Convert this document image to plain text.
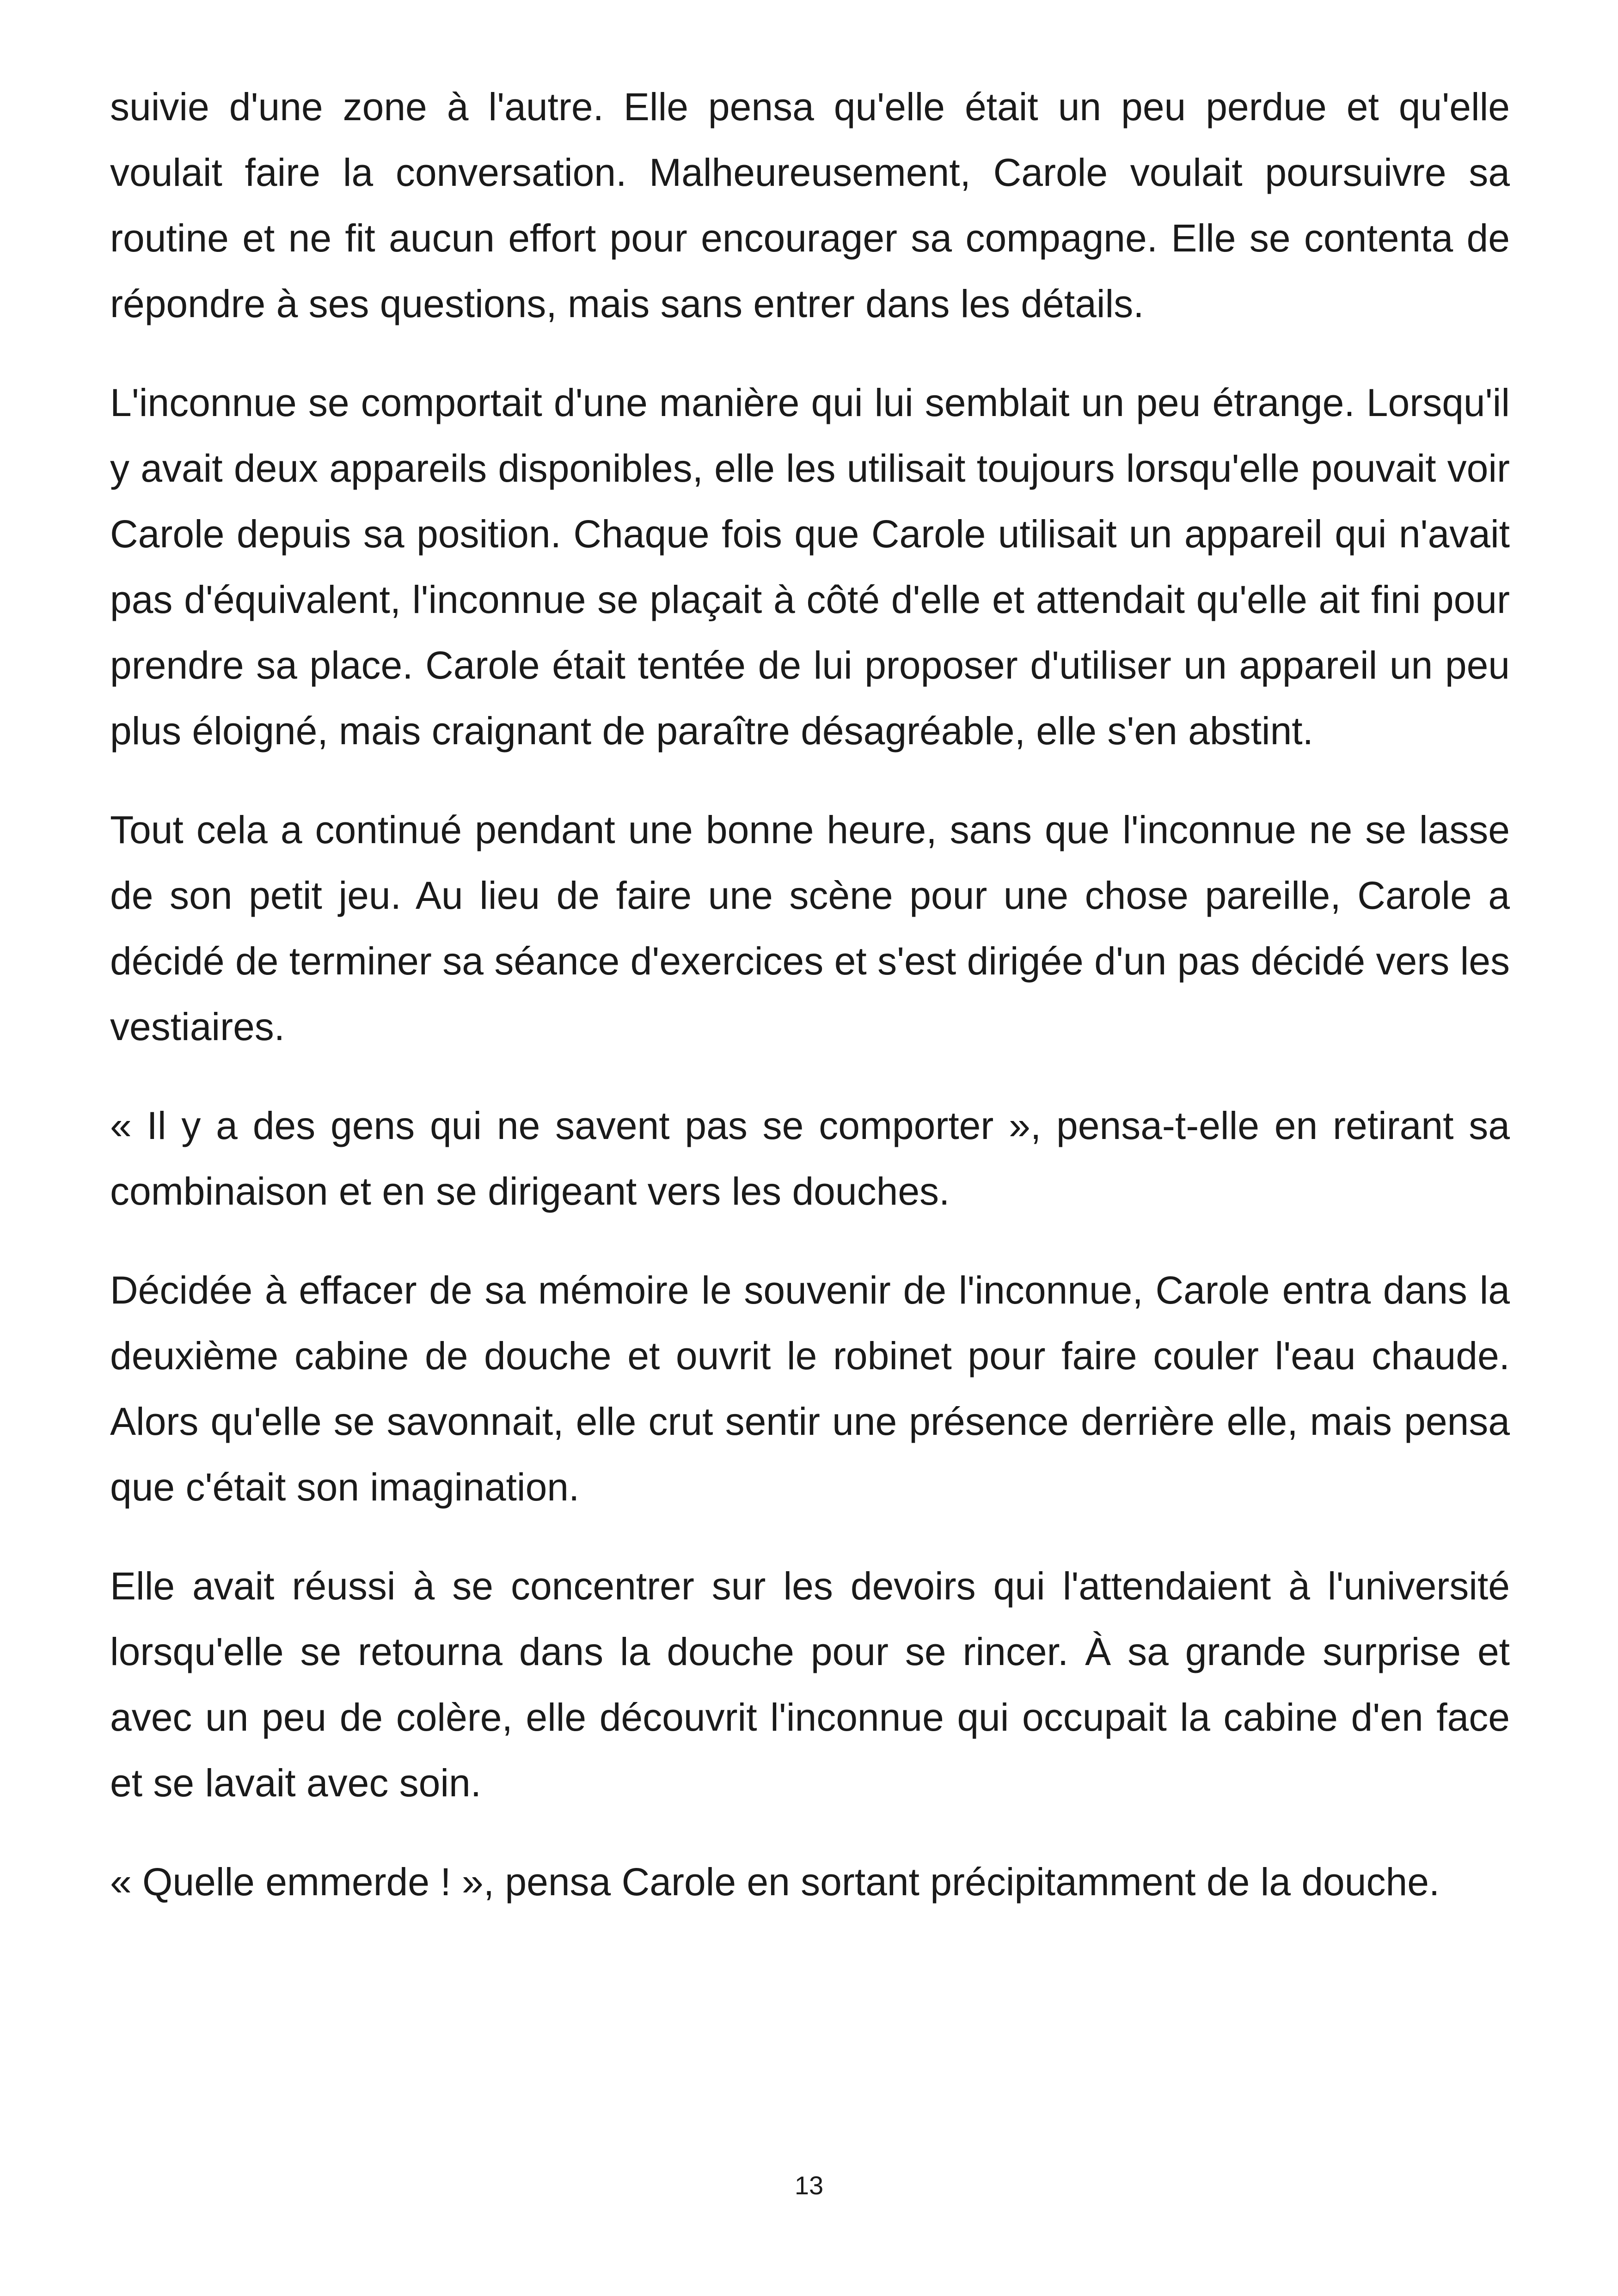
suivie d'une zone à l'autre. Elle pensa qu'elle était un peu perdue et qu'elle voulait faire la conversation. Malheureusement, Carole voulait poursuivre sa routine et ne fit aucun effort pour encourager sa compagne. Elle se contenta de répondre à ses questions, mais sans entrer dans les détails.

L'inconnue se comportait d'une manière qui lui semblait un peu étrange. Lorsqu'il y avait deux appareils disponibles, elle les utilisait toujours lorsqu'elle pouvait voir Carole depuis sa position. Chaque fois que Carole utilisait un appareil qui n'avait pas d'équivalent, l'inconnue se plaçait à côté d'elle et attendait qu'elle ait fini pour prendre sa place. Carole était tentée de lui proposer d'utiliser un appareil un peu plus éloigné, mais craignant de paraître désagréable, elle s'en abstint.

Tout cela a continué pendant une bonne heure, sans que l'inconnue ne se lasse de son petit jeu. Au lieu de faire une scène pour une chose pareille, Carole a décidé de terminer sa séance d'exercices et s'est dirigée d'un pas décidé vers les vestiaires.

« Il y a des gens qui ne savent pas se comporter », pensa-t-elle en retirant sa combinaison et en se dirigeant vers les douches.

Décidée à effacer de sa mémoire le souvenir de l'inconnue, Carole entra dans la deuxième cabine de douche et ouvrit le robinet pour faire couler l'eau chaude. Alors qu'elle se savonnait, elle crut sentir une présence derrière elle, mais pensa que c'était son imagination.

Elle avait réussi à se concentrer sur les devoirs qui l'attendaient à l'université lorsqu'elle se retourna dans la douche pour se rincer. À sa grande surprise et avec un peu de colère, elle découvrit l'inconnue qui occupait la cabine d'en face et se lavait avec soin.

« Quelle emmerde ! », pensa Carole en sortant précipitamment de la douche.

13
